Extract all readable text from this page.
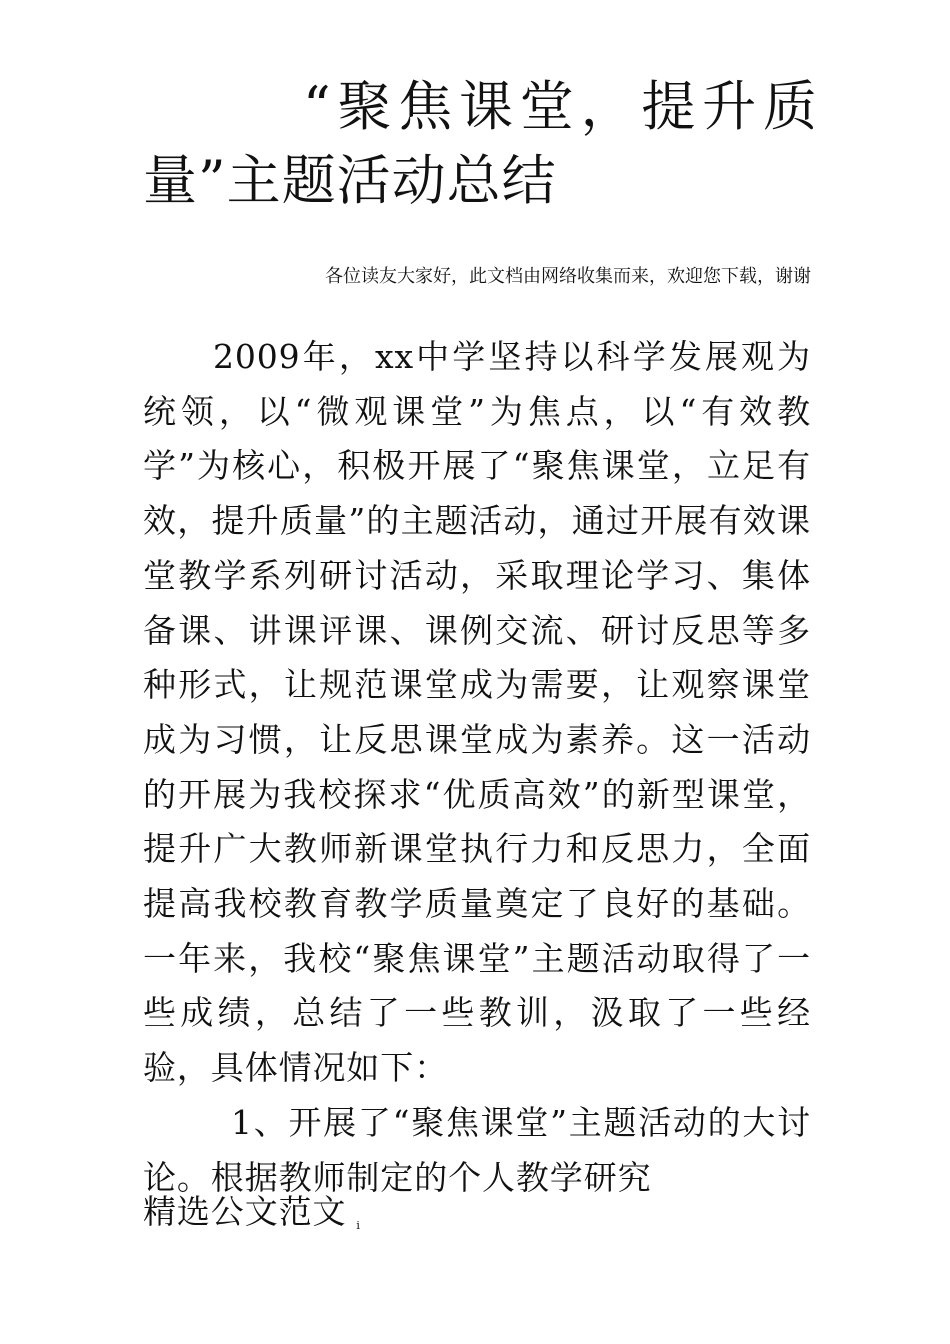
“聚焦课堂，提升质量”主题活动总结

各位读友大家好，此文档由网络收集而来，欢迎您下载，谢谢

2009年，xx中学坚持以科学发展观为统领，以“微观课堂”为焦点，以“有效教学”为核心，积极开展了“聚焦课堂，立足有效，提升质量”的主题活动，通过开展有效课堂教学系列研讨活动，采取理论学习、集体备课、讲课评课、课例交流、研讨反思等多种形式，让规范课堂成为需要，让观察课堂成为习惯，让反思课堂成为素养。这一活动的开展为我校探求“优质高效”的新型课堂，提升广大教师新课堂执行力和反思力，全面提高我校教育教学质量奠定了良好的基础。一年来，我校“聚焦课堂”主题活动取得了一些成绩，总结了一些教训，汲取了一些经验，具体情况如下：

1、开展了“聚焦课堂”主题活动的大讨论。根据教师制定的个人教学研究

精选公文范文 i
